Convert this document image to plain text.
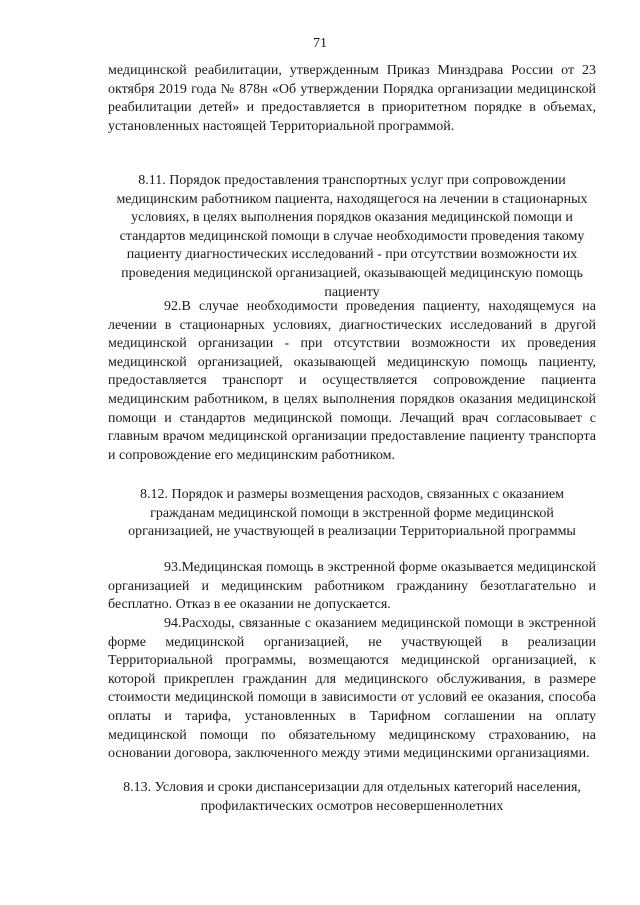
71

медицинской реабилитации, утвержденным Приказ Минздрава России от 23 октября 2019 года № 878н «Об утверждении Порядка организации медицинской реабилитации детей» и предоставляется в приоритетном порядке в объемах, установленных настоящей Территориальной программой.

8.11. Порядок предоставления транспортных услуг при сопровождении медицинским работником пациента, находящегося на лечении в стационарных условиях, в целях выполнения порядков оказания медицинской помощи и стандартов медицинской помощи в случае необходимости проведения такому пациенту диагностических исследований - при отсутствии возможности их проведения медицинской организацией, оказывающей медицинскую помощь пациенту

92.В случае необходимости проведения пациенту, находящемуся на лечении в стационарных условиях, диагностических исследований в другой медицинской организации - при отсутствии возможности их проведения медицинской организацией, оказывающей медицинскую помощь пациенту, предоставляется транспорт и осуществляется сопровождение пациента медицинским работником, в целях выполнения порядков оказания медицинской помощи и стандартов медицинской помощи. Лечащий врач согласовывает с главным врачом медицинской организации предоставление пациенту транспорта и сопровождение его медицинским работником.

8.12. Порядок и размеры возмещения расходов, связанных с оказанием гражданам медицинской помощи в экстренной форме медицинской организацией, не участвующей в реализации Территориальной программы

93.Медицинская помощь в экстренной форме оказывается медицинской организацией и медицинским работником гражданину безотлагательно и бесплатно. Отказ в ее оказании не допускается.

94.Расходы, связанные с оказанием медицинской помощи в экстренной форме медицинской организацией, не участвующей в реализации Территориальной программы, возмещаются медицинской организацией, к которой прикреплен гражданин для медицинского обслуживания, в размере стоимости медицинской помощи в зависимости от условий ее оказания, способа оплаты и тарифа, установленных в Тарифном соглашении на оплату медицинской помощи по обязательному медицинскому страхованию, на основании договора, заключенного между этими медицинскими организациями.

8.13. Условия и сроки диспансеризации для отдельных категорий населения, профилактических осмотров несовершеннолетних
